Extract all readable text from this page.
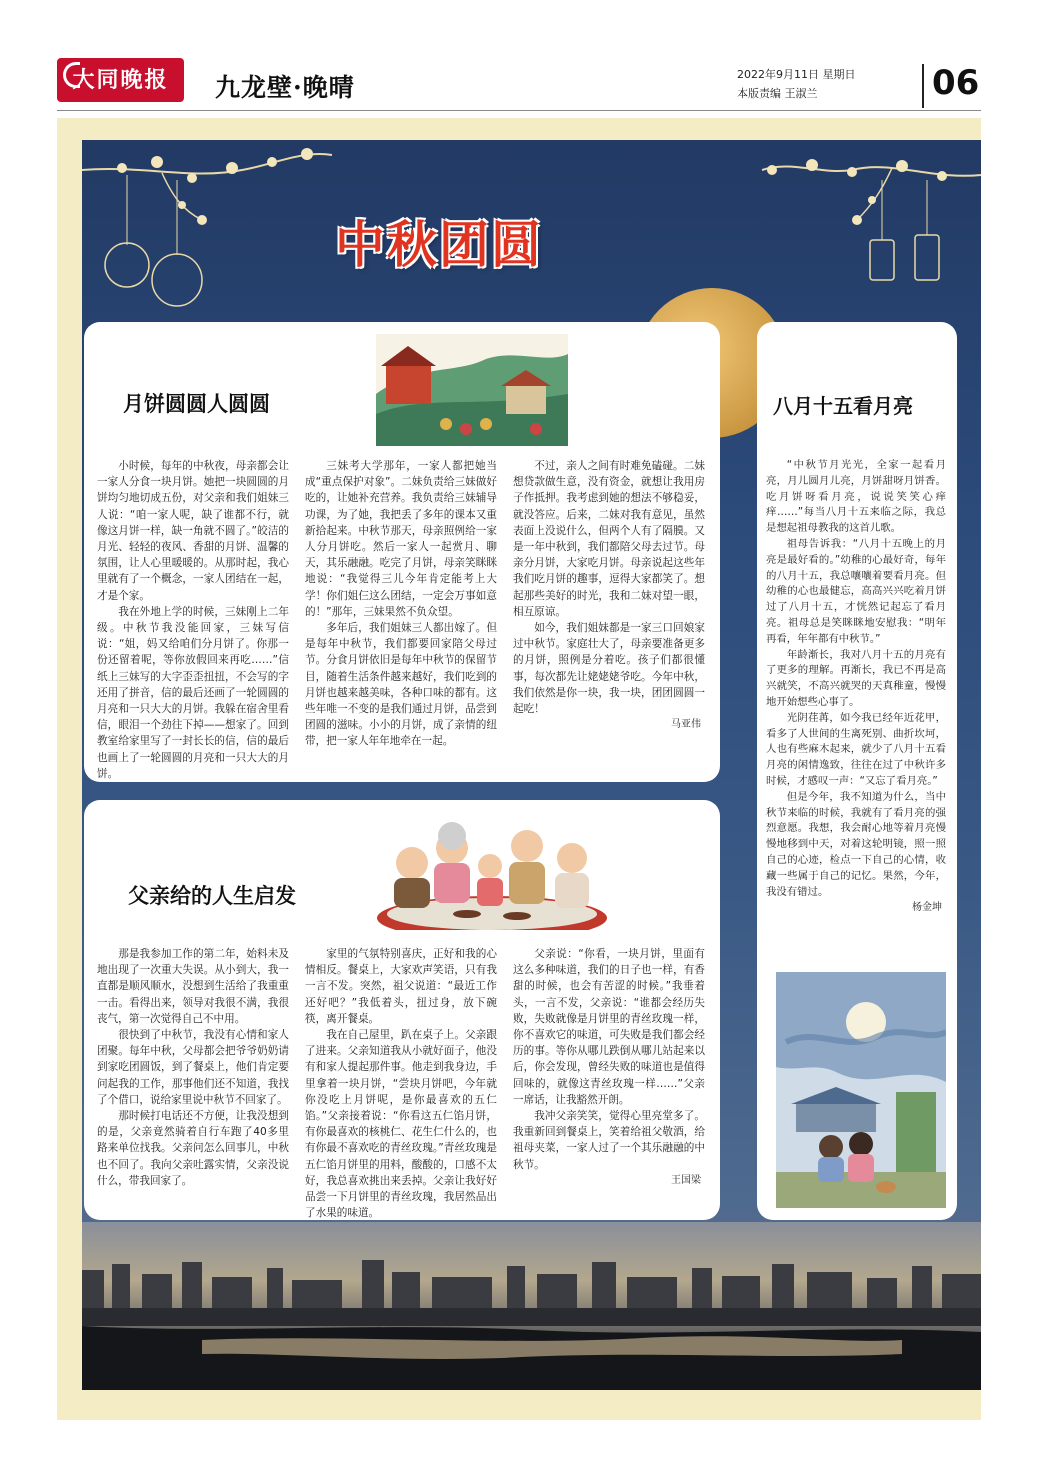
大同晚报	九龙壁·晚晴	2022年9月11日 星期日
本版责编 王淑兰	06
中秋团圆
月饼圆圆人圆圆

小时候，每年的中秋夜，母亲都会让一家人分食一块月饼。她把一块圆圆的月饼均匀地切成五份，对父亲和我们姐妹三人说：“咱一家人呢，缺了谁都不行，就像这月饼一样，缺一角就不圆了。”皎洁的月光、轻轻的夜风、香甜的月饼、温馨的氛围，让人心里暖暖的。从那时起，我心里就有了一个概念，一家人团结在一起，才是个家。

我在外地上学的时候，三妹刚上二年级。中秋节我没能回家，三妹写信说：“姐，妈又给咱们分月饼了。你那一份还留着呢，等你放假回来再吃……”信纸上三妹写的大字歪歪扭扭，不会写的字还用了拼音，信的最后还画了一轮圆圆的月亮和一只大大的月饼。我躲在宿舍里看信，眼泪一个劲往下掉——想家了。回到教室给家里写了一封长长的信，信的最后也画上了一轮圆圆的月亮和一只大大的月饼。

三妹考大学那年，一家人都把她当成“重点保护对象”。二妹负责给三妹做好吃的，让她补充营养。我负责给三妹辅导功课，为了她，我把丢了多年的课本又重新拾起来。中秋节那天，母亲照例给一家人分月饼吃。然后一家人一起赏月、聊天，其乐融融。吃完了月饼，母亲笑眯眯地说：“我觉得三儿今年肯定能考上大学！你们姐仨这么团结，一定会万事如意的！”那年，三妹果然不负众望。

多年后，我们姐妹三人都出嫁了。但是每年中秋节，我们都要回家陪父母过节。分食月饼依旧是每年中秋节的保留节目，随着生活条件越来越好，我们吃到的月饼也越来越美味，各种口味的都有。这些年唯一不变的是我们通过月饼，品尝到团圆的滋味。小小的月饼，成了亲情的纽带，把一家人年年地牵在一起。

不过，亲人之间有时难免磕碰。二妹想贷款做生意，没有资金，就想让我用房子作抵押。我考虑到她的想法不够稳妥，就没答应。后来，二妹对我有意见，虽然表面上没说什么，但两个人有了隔膜。又是一年中秋到，我们都陪父母去过节。母亲分月饼，大家吃月饼。母亲说起这些年我们吃月饼的趣事，逗得大家都笑了。想起那些美好的时光，我和二妹对望一眼，相互原谅。

如今，我们姐妹都是一家三口回娘家过中秋节。家庭壮大了，母亲要准备更多的月饼，照例是分着吃。孩子们都很懂事，每次都先让姥姥姥爷吃。今年中秋，我们依然是你一块，我一块，团团圆圆一起吃！

马亚伟
父亲给的人生启发

那是我参加工作的第二年，始料未及地出现了一次重大失误。从小到大，我一直都是顺风顺水，没想到生活给了我重重一击。看得出来，领导对我很不满，我很丧气，第一次觉得自己不中用。

很快到了中秋节，我没有心情和家人团聚。每年中秋，父母都会把爷爷奶奶请到家吃团圆饭，到了餐桌上，他们肯定要问起我的工作，那事他们还不知道，我找了个借口，说给家里说中秋节不回家了。

那时候打电话还不方便，让我没想到的是，父亲竟然骑着自行车跑了40多里路来单位找我。父亲问怎么回事儿，中秋也不回了。我向父亲吐露实情，父亲没说什么，带我回家了。

家里的气氛特别喜庆，正好和我的心情相反。餐桌上，大家欢声笑语，只有我一言不发。突然，祖父说道：“最近工作还好吧？”我低着头，扭过身，放下碗筷，离开餐桌。

我在自己屋里，趴在桌子上。父亲跟了进来。父亲知道我从小就好面子，他没有和家人提起那件事。他走到我身边，手里拿着一块月饼，“尝块月饼吧，今年就你没吃上月饼呢，是你最喜欢的五仁馅。”父亲接着说：“你看这五仁馅月饼，有你最喜欢的核桃仁、花生仁什么的，也有你最不喜欢吃的青丝玫瑰。”青丝玫瑰是五仁馅月饼里的用料，酸酸的，口感不太好，我总喜欢挑出来丢掉。父亲让我好好品尝一下月饼里的青丝玫瑰，我居然品出了水果的味道。

父亲说：“你看，一块月饼，里面有这么多种味道，我们的日子也一样，有香甜的时候，也会有苦涩的时候。”我垂着头，一言不发，父亲说：“谁都会经历失败，失败就像是月饼里的青丝玫瑰一样，你不喜欢它的味道，可失败是我们都会经历的事。等你从哪儿跌倒从哪儿站起来以后，你会发现，曾经失败的味道也是值得回味的，就像这青丝玫瑰一样……”父亲一席话，让我豁然开朗。

我冲父亲笑笑，觉得心里亮堂多了。我重新回到餐桌上，笑着给祖父敬酒，给祖母夹菜，一家人过了一个其乐融融的中秋节。

王国梁
八月十五看月亮

“中秋节月光光，全家一起看月亮，月儿圆月儿亮，月饼甜呀月饼香。吃月饼呀看月亮，说说笑笑心痒痒……”每当八月十五来临之际，我总是想起祖母教我的这首儿歌。

祖母告诉我：“八月十五晚上的月亮是最好看的。”幼稚的心最好奇，每年的八月十五，我总嚷嚷着要看月亮。但幼稚的心也最健忘，高高兴兴吃着月饼过了八月十五，才恍然记起忘了看月亮。祖母总是笑眯眯地安慰我：“明年再看，年年都有中秋节。”

年龄渐长，我对八月十五的月亮有了更多的理解。再渐长，我已不再是高兴就笑，不高兴就哭的天真稚童，慢慢地开始想些心事了。

光阴荏苒，如今我已经年近花甲，看多了人世间的生离死别、曲折坎坷，人也有些麻木起来，就少了八月十五看月亮的闲情逸致，往往在过了中秋许多时候，才感叹一声：“又忘了看月亮。”

但是今年，我不知道为什么，当中秋节来临的时候，我就有了看月亮的强烈意愿。我想，我会耐心地等着月亮慢慢地移到中天，对着这轮明镜，照一照自己的心迹，检点一下自己的心情，收藏一些属于自己的记忆。果然，今年，我没有错过。

杨金坤
